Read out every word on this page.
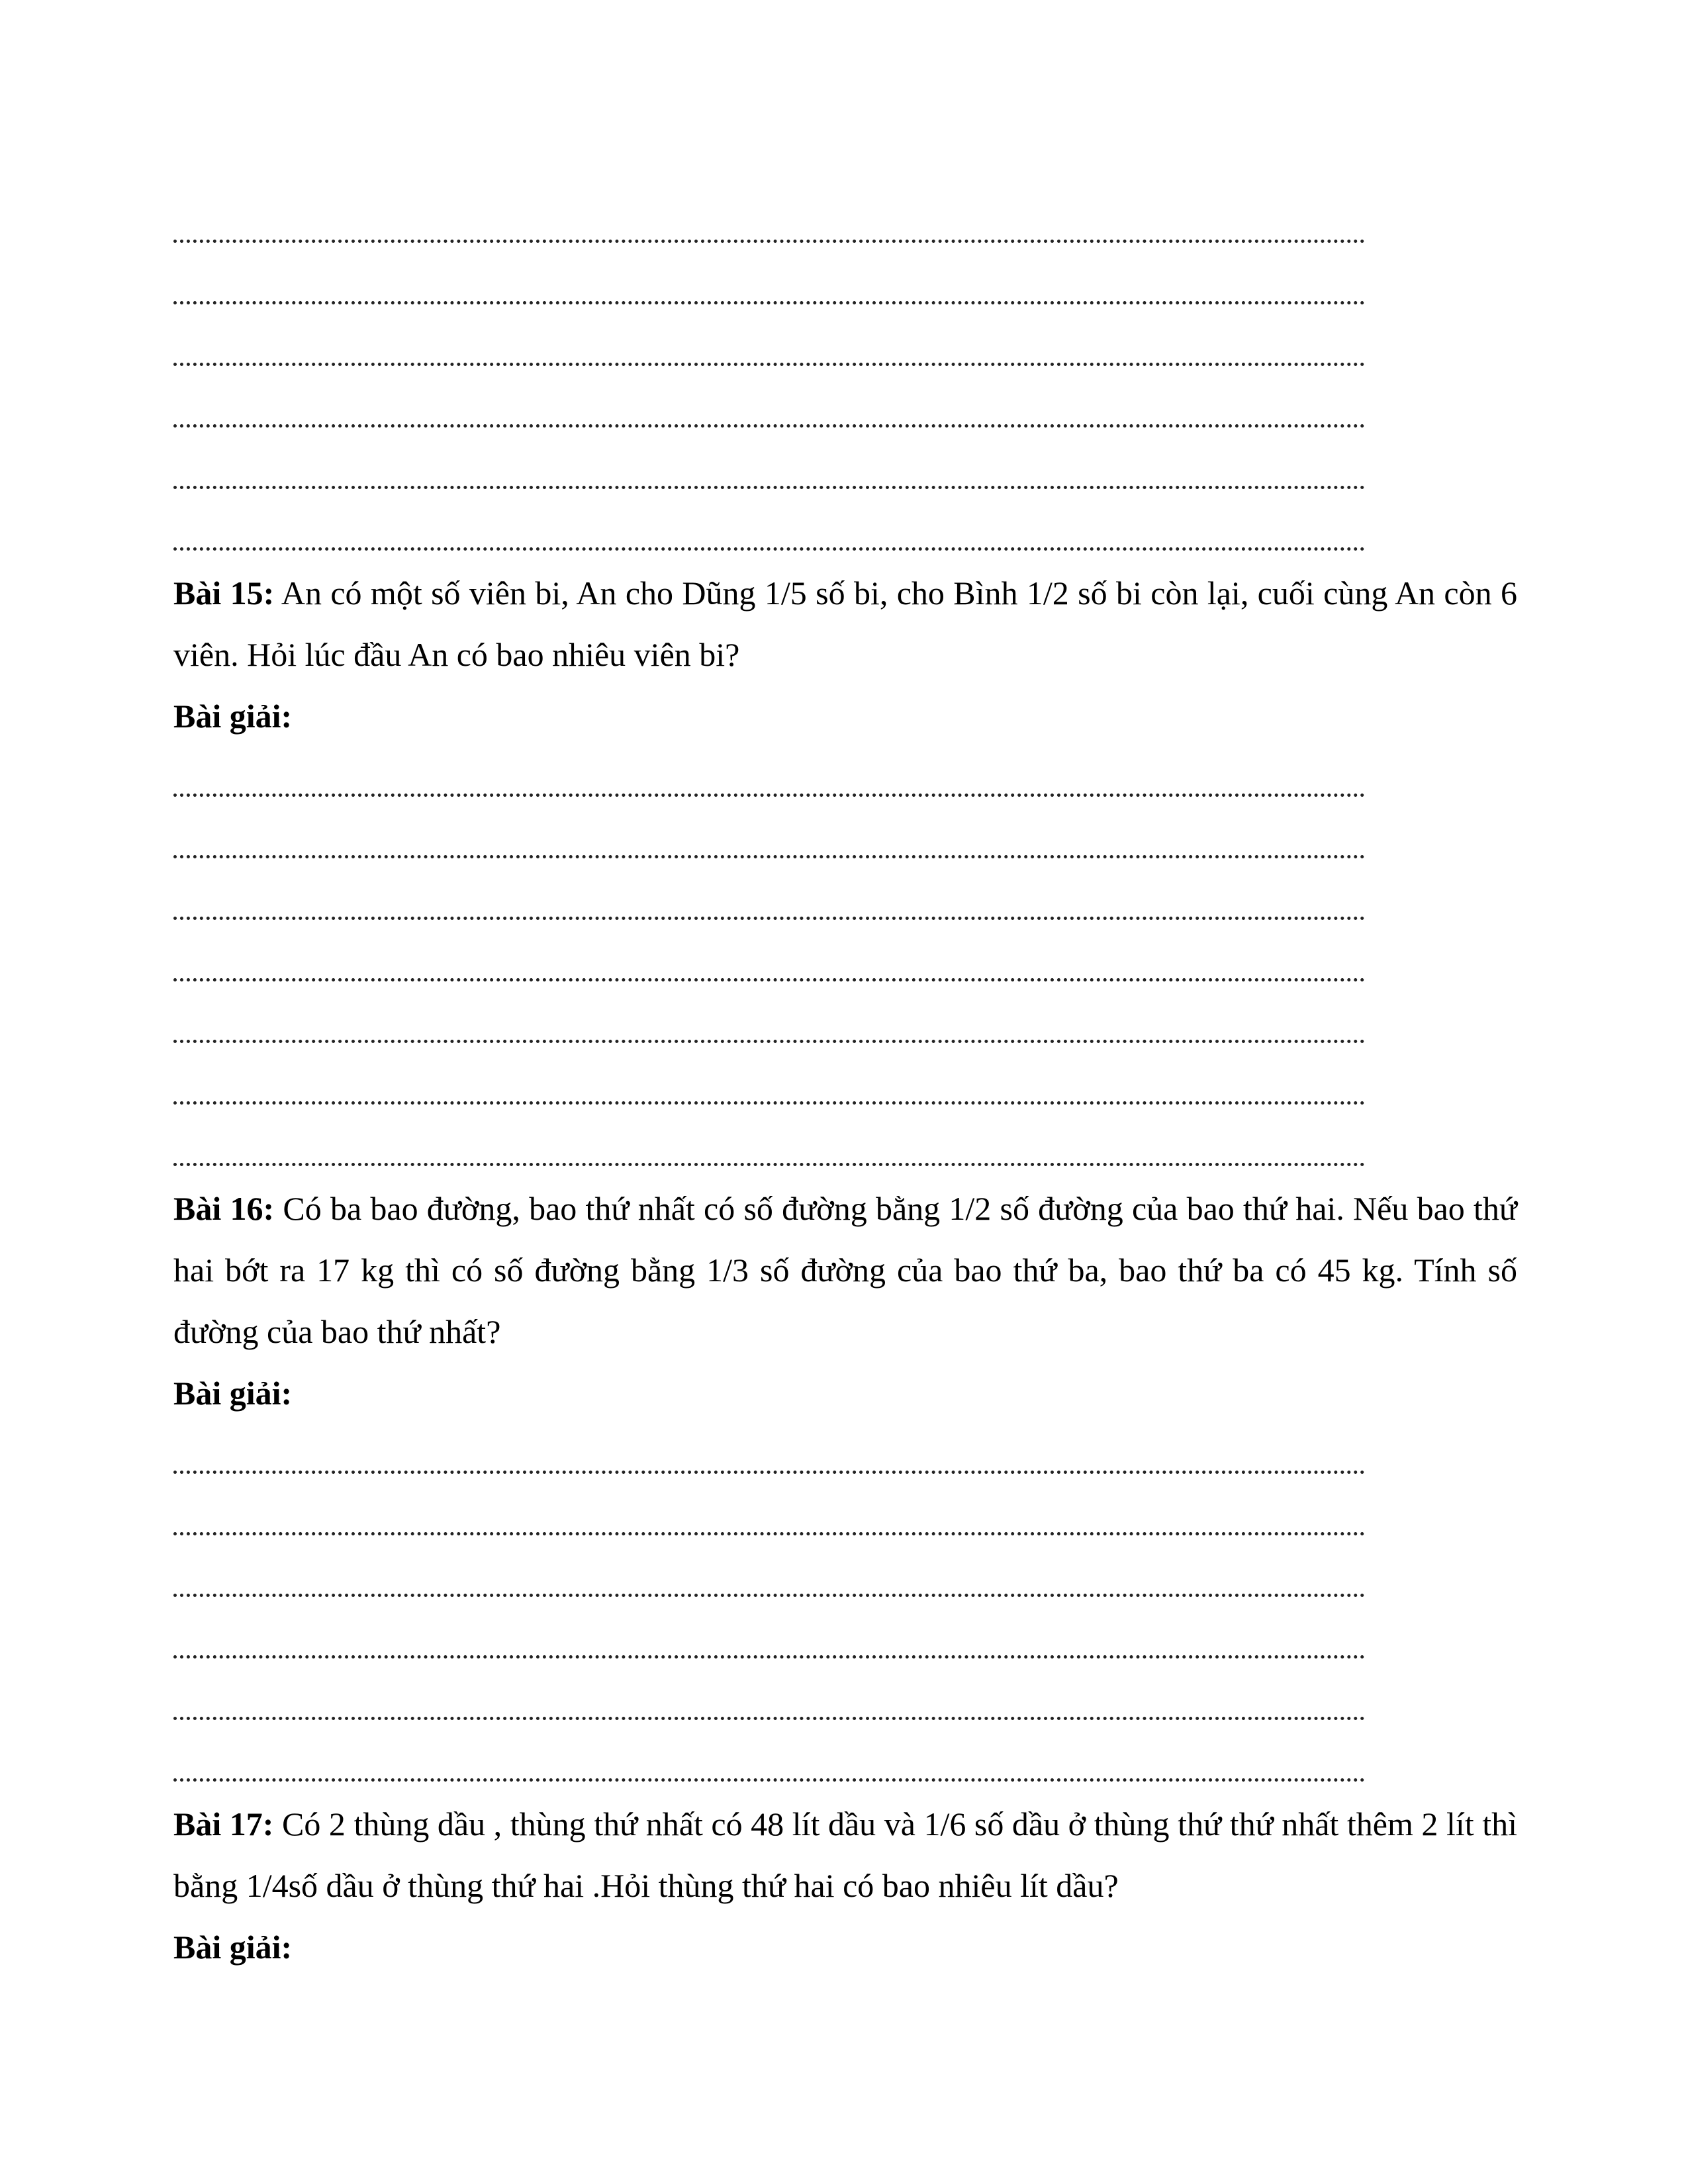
Bài 15: An có một số viên bi, An cho Dũng 1/5 số bi, cho Bình 1/2 số bi còn lại, cuối cùng An còn 6 viên. Hỏi lúc đầu An có bao nhiêu viên bi?

Bài giải:

Bài 16: Có ba bao đường, bao thứ nhất có số đường bằng 1/2 số đường của bao thứ hai. Nếu bao thứ hai bớt ra 17 kg thì có số đường bằng 1/3 số đường của bao thứ ba, bao thứ ba có 45 kg. Tính số đường của bao thứ nhất?

Bài giải:

Bài 17: Có 2 thùng dầu , thùng thứ nhất có 48 lít dầu và 1/6 số dầu ở thùng thứ thứ nhất thêm 2 lít thì bằng 1/4số dầu ở thùng thứ hai .Hỏi thùng thứ hai có bao nhiêu lít dầu?

Bài giải:
